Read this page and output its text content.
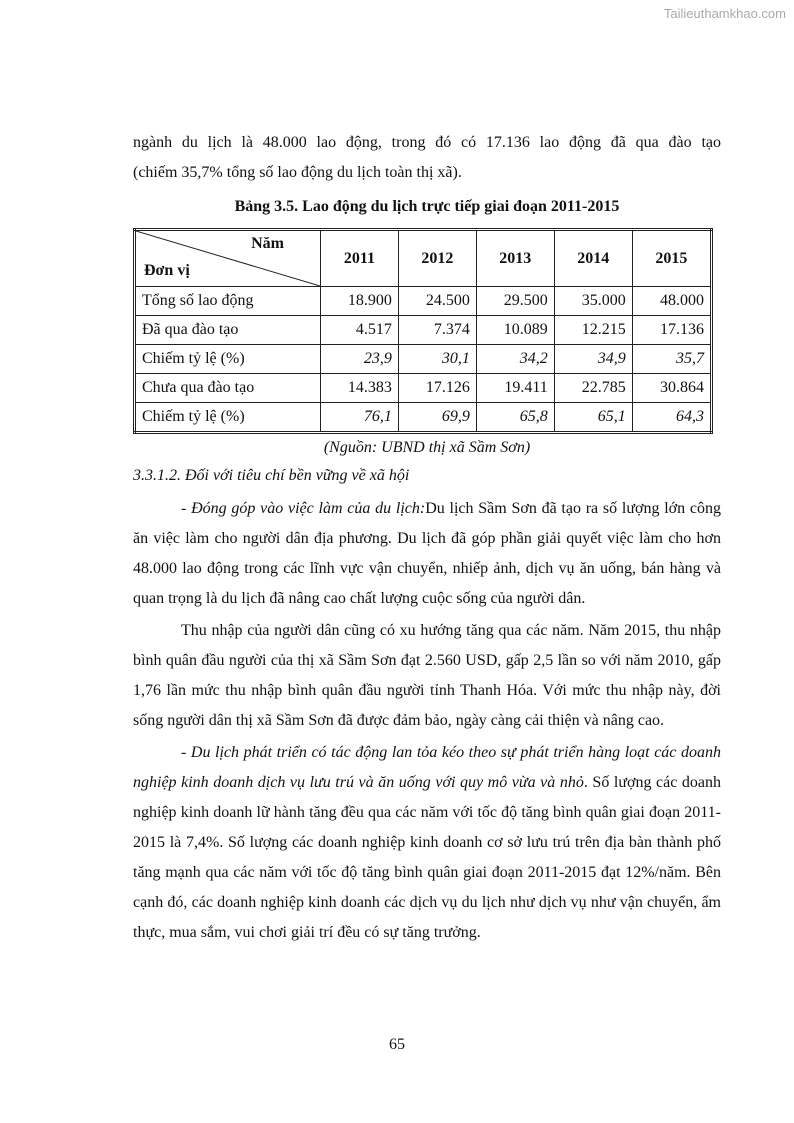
Tailieuthamkhao.com

ngành du lịch là 48.000 lao động, trong đó có 17.136 lao động đã qua đào tạo

(chiếm 35,7% tổng số lao động du lịch toàn thị xã).

Bảng 3.5. Lao động du lịch trực tiếp giai đoạn 2011-2015
Năm
Đơn vị	2011	2012	2013	2014	2015
Tổng số lao động	18.900	24.500	29.500	35.000	48.000
Đã qua đào tạo	4.517	7.374	10.089	12.215	17.136
Chiếm tỷ lệ (%)	23,9	30,1	34,2	34,9	35,7
Chưa qua đào tạo	14.383	17.126	19.411	22.785	30.864
Chiếm tỷ lệ (%)	76,1	69,9	65,8	65,1	64,3
(Nguồn: UBND thị xã Sầm Sơn)
3.3.1.2. Đối với tiêu chí bền vững về xã hội

- Đóng góp vào việc làm của du lịch:Du lịch Sầm Sơn đã tạo ra số lượng lớn công ăn việc làm cho người dân địa phương. Du lịch đã góp phần giải quyết việc làm cho hơn 48.000 lao động trong các lĩnh vực vận chuyển, nhiếp ảnh, dịch vụ ăn uống, bán hàng và quan trọng là du lịch đã nâng cao chất lượng cuộc sống của người dân.

Thu nhập của người dân cũng có xu hướng tăng qua các năm. Năm 2015, thu nhập bình quân đầu người của thị xã Sầm Sơn đạt 2.560 USD, gấp 2,5 lần so với năm 2010, gấp 1,76 lần mức thu nhập bình quân đầu người tỉnh Thanh Hóa. Với mức thu nhập này, đời sống người dân thị xã Sầm Sơn đã được đảm bảo, ngày càng cải thiện và nâng cao.

- Du lịch phát triển có tác động lan tỏa kéo theo sự phát triển hàng loạt các doanh nghiệp kinh doanh dịch vụ lưu trú và ăn uống với quy mô vừa và nhỏ. Số lượng các doanh nghiệp kinh doanh lữ hành tăng đều qua các năm với tốc độ tăng bình quân giai đoạn 2011-2015 là 7,4%. Số lượng các doanh nghiệp kinh doanh cơ sở lưu trú trên địa bàn thành phố tăng mạnh qua các năm với tốc độ tăng bình quân giai đoạn 2011-2015 đạt 12%/năm. Bên cạnh đó, các doanh nghiệp kinh doanh các dịch vụ du lịch như dịch vụ như vận chuyển, ẩm thực, mua sắm, vui chơi giải trí đều có sự tăng trưởng.

65
